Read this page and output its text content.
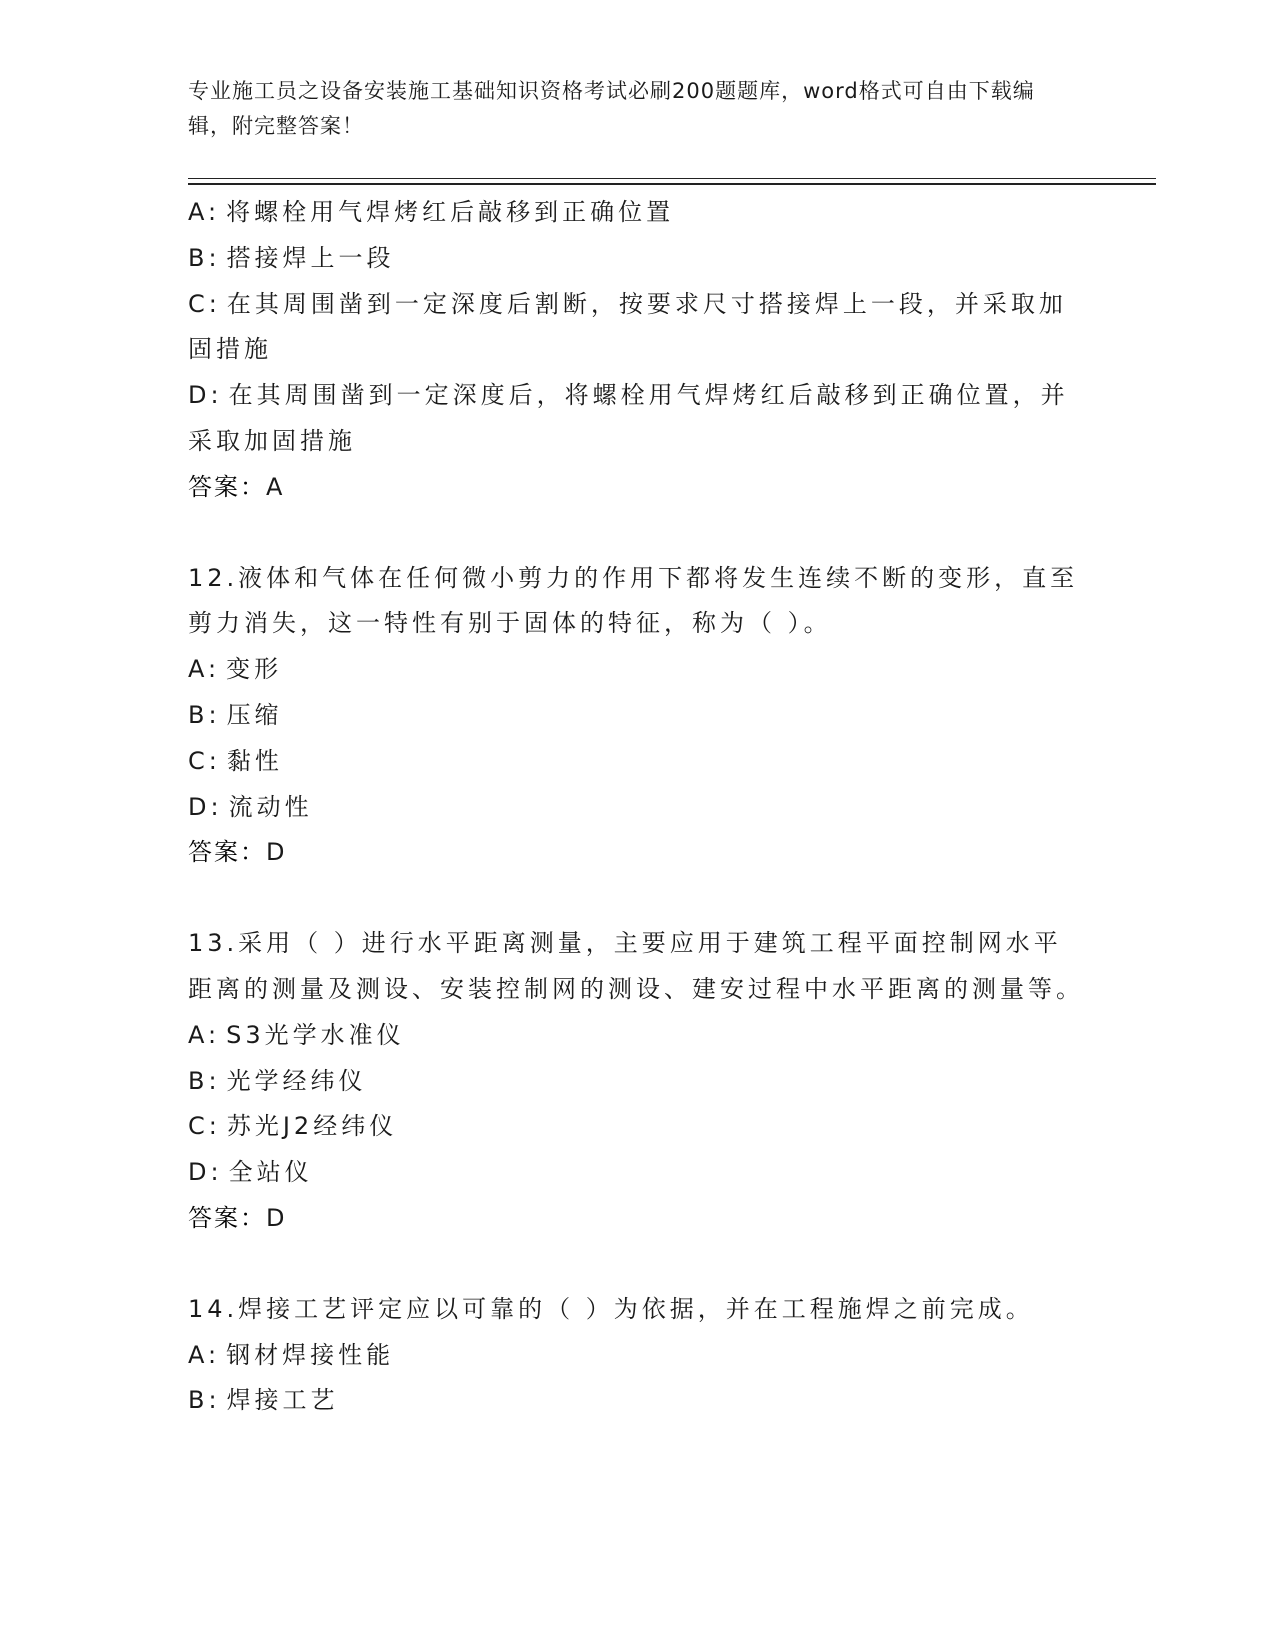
专业施工员之设备安装施工基础知识资格考试必刷200题题库，word格式可自由下载编辑，附完整答案！

A: 将螺栓用气焊烤红后敲移到正确位置

B: 搭接焊上一段

C: 在其周围凿到一定深度后割断，按要求尺寸搭接焊上一段，并采取加固措施

D: 在其周围凿到一定深度后，将螺栓用气焊烤红后敲移到正确位置，并采取加固措施

答案：A

12.液体和气体在任何微小剪力的作用下都将发生连续不断的变形，直至剪力消失，这一特性有别于固体的特征，称为（ ）。

A: 变形

B: 压缩

C: 黏性

D: 流动性

答案：D

13.采用（ ）进行水平距离测量，主要应用于建筑工程平面控制网水平距离的测量及测设、安装控制网的测设、建安过程中水平距离的测量等。

A: S3光学水准仪

B: 光学经纬仪

C: 苏光J2经纬仪

D: 全站仪

答案：D

14.焊接工艺评定应以可靠的（ ）为依据，并在工程施焊之前完成。

A: 钢材焊接性能

B: 焊接工艺
